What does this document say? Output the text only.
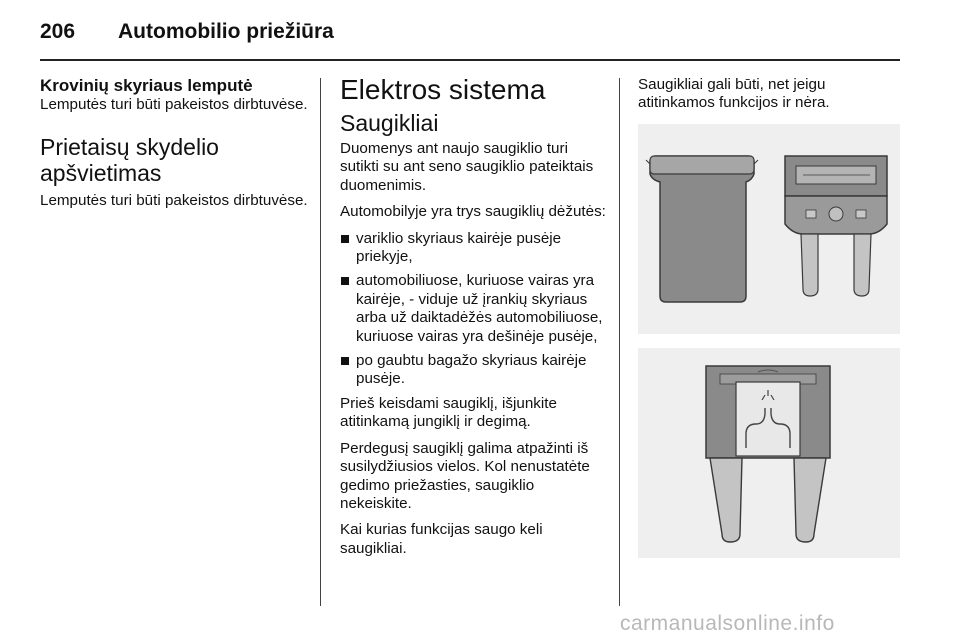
206 Automobilio priežiūra
Krovinių skyriaus lemputė

Lemputės turi būti pakeistos dirbtuvėse.

Prietaisų skydelio apšvietimas

Lemputės turi būti pakeistos dirbtuvėse.

Elektros sistema
Saugikliai

Duomenys ant naujo saugiklio turi sutikti su ant seno saugiklio pateiktais duomenimis.

Automobilyje yra trys saugiklių dėžutės:

variklio skyriaus kairėje pusėje priekyje,
automobiliuose, kuriuose vairas yra kairėje, - viduje už įrankių skyriaus arba už daiktadėžės automobiliuose, kuriuose vairas yra dešinėje pusėje,
po gaubtu bagažo skyriaus kairėje pusėje.

Prieš keisdami saugiklį, išjunkite atitinkamą jungiklį ir degimą.

Perdegusį saugiklį galima atpažinti iš susilydžiusios vielos. Kol nenustatėte gedimo priežasties, saugiklio nekeiskite.

Kai kurias funkcijas saugo keli saugikliai.

Saugikliai gali būti, net jeigu atitinkamos funkcijos ir nėra.

carmanualsonline.info
